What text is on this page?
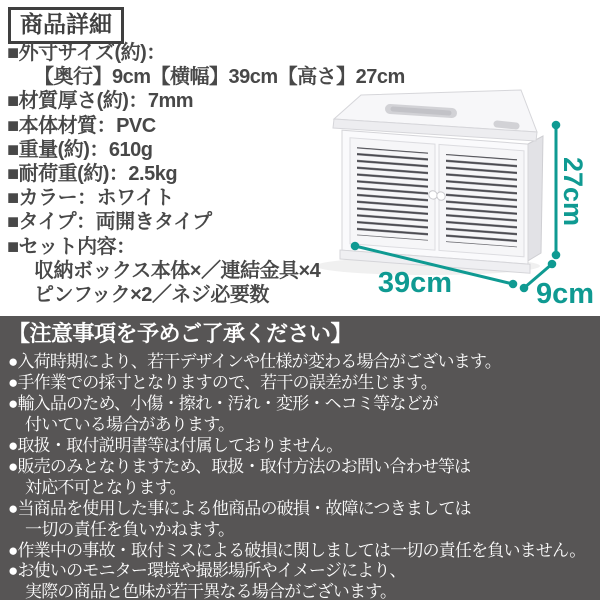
商品詳細
■外寸サイズ(約)：
【奥行】9cm【横幅】39cm【高さ】27cm
■材質厚さ(約)：7mm
■本体材質：PVC
■重量(約)：610g
■耐荷重(約)：2.5kg
■カラー：ホワイト
■タイプ：両開きタイプ
■セット内容：
収納ボックス本体×／連結金具×4
ピンフック×2／ネジ必要数
27cm
39cm	9cm
【注意事項を予めご了承ください】
●入荷時期により、若干デザインや仕様が変わる場合がございます。
●手作業での採寸となりますので、若干の誤差が生じます。
●輸入品のため、小傷・擦れ・汚れ・変形・ヘコミ等などが
付いている場合があります。
●取扱・取付説明書等は付属しておりません。
●販売のみとなりますため、取扱・取付方法のお問い合わせ等は
対応不可となります。
●当商品を使用した事による他商品の破損・故障につきましては
一切の責任を負いかねます。
●作業中の事故・取付ミスによる破損に関しましては一切の責任を負いません。
●お使いのモニター環境や撮影場所やイメージにより、
実際の商品と色味が若干異なる場合がございます。
